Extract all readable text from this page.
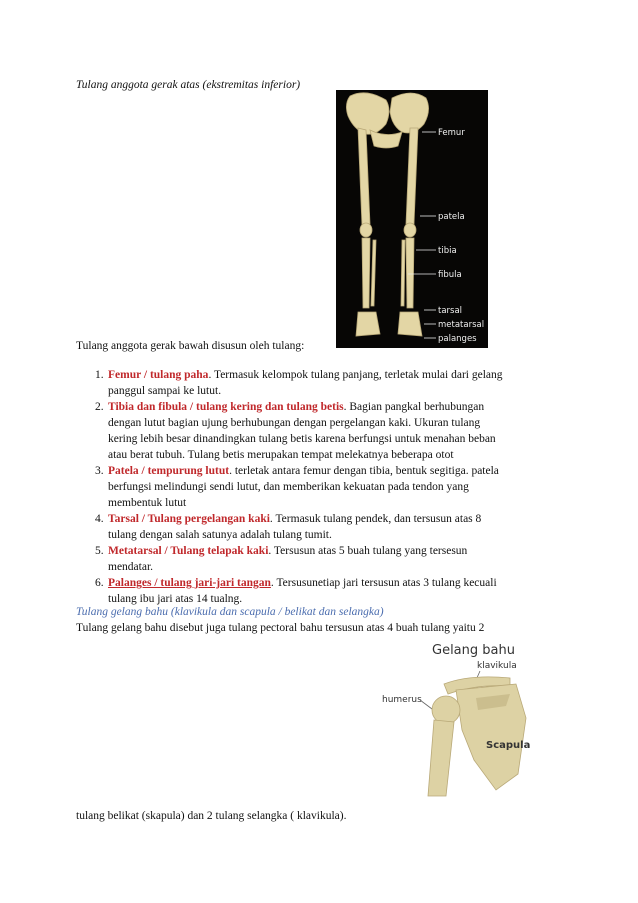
Tulang anggota gerak atas (ekstremitas inferior)
Femur
patela
tibia
fibula
tarsal
metatarsal
palanges
Tulang anggota gerak bawah disusun oleh tulang:
1. Femur / tulang paha. Termasuk kelompok tulang panjang, terletak mulai dari gelang
panggul sampai ke lutut.
2. Tibia dan fibula / tulang kering dan tulang betis. Bagian pangkal berhubungan
dengan lutut bagian ujung berhubungan dengan pergelangan kaki. Ukuran tulang
kering lebih besar dinandingkan tulang betis karena berfungsi untuk menahan beban
atau berat tubuh. Tulang betis merupakan tempat melekatnya beberapa otot
3. Patela / tempurung lutut. terletak antara femur dengan tibia, bentuk segitiga. patela
berfungsi melindungi sendi lutut, dan memberikan kekuatan pada tendon yang
membentuk lutut
4. Tarsal / Tulang pergelangan kaki. Termasuk tulang pendek, dan tersusun atas 8
tulang dengan salah satunya adalah tulang tumit.
5. Metatarsal / Tulang telapak kaki. Tersusun atas 5 buah tulang yang tersesun
mendatar.
6. Palanges / tulang jari-jari tangan. Tersusunetiap jari tersusun atas 3 tulang kecuali
tulang ibu jari atas 14 tualng.
Tulang gelang bahu (klavikula dan scapula / belikat dan selangka)
Tulang gelang bahu disebut juga tulang pectoral bahu tersusun atas 4 buah tulang yaitu 2
Gelang bahu
klavikula
humerus
Scapula
tulang belikat (skapula) dan 2 tulang selangka ( klavikula).
